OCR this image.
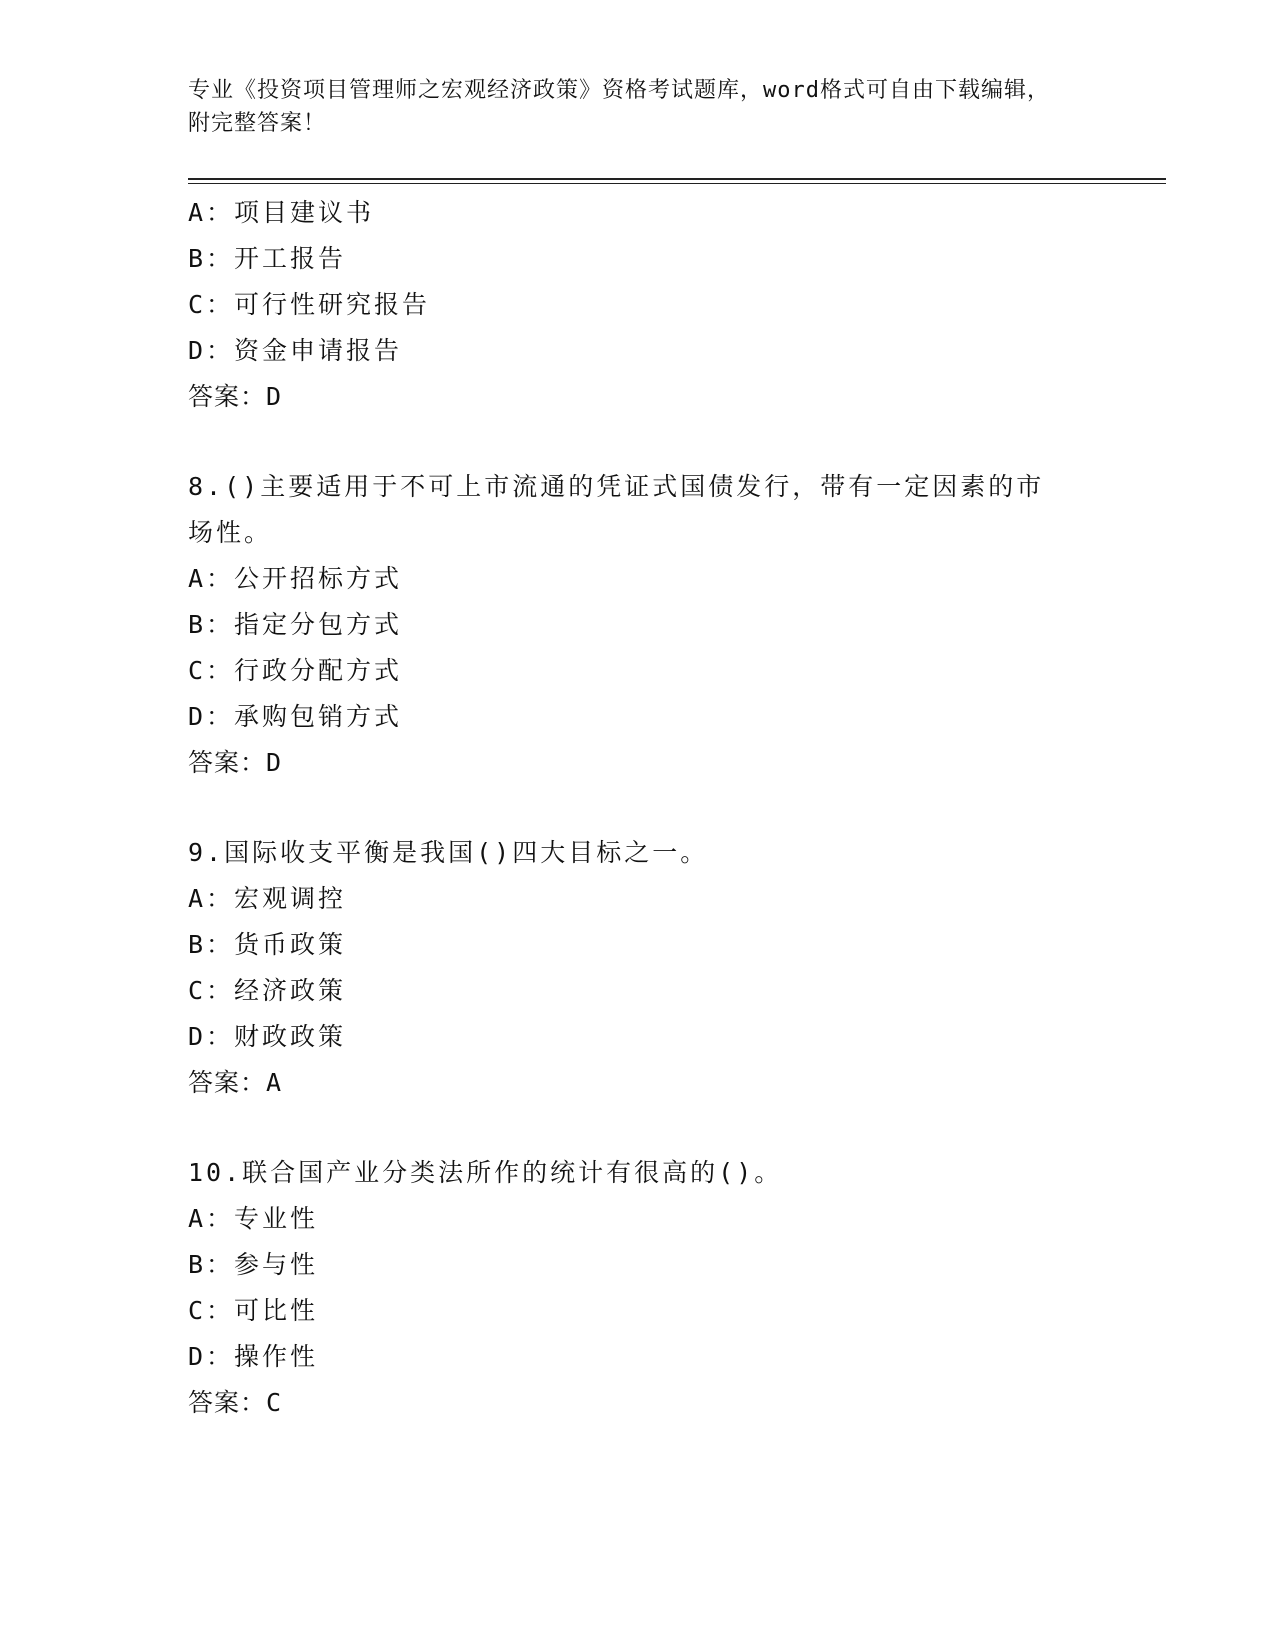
专业《投资项目管理师之宏观经济政策》资格考试题库，word格式可自由下载编辑，附完整答案！
A：项目建议书
B：开工报告
C：可行性研究报告
D：资金申请报告
答案：D
8.()主要适用于不可上市流通的凭证式国债发行，带有一定因素的市场性。
A：公开招标方式
B：指定分包方式
C：行政分配方式
D：承购包销方式
答案：D
9.国际收支平衡是我国()四大目标之一。
A：宏观调控
B：货币政策
C：经济政策
D：财政政策
答案：A
10.联合国产业分类法所作的统计有很高的()。
A：专业性
B：参与性
C：可比性
D：操作性
答案：C
